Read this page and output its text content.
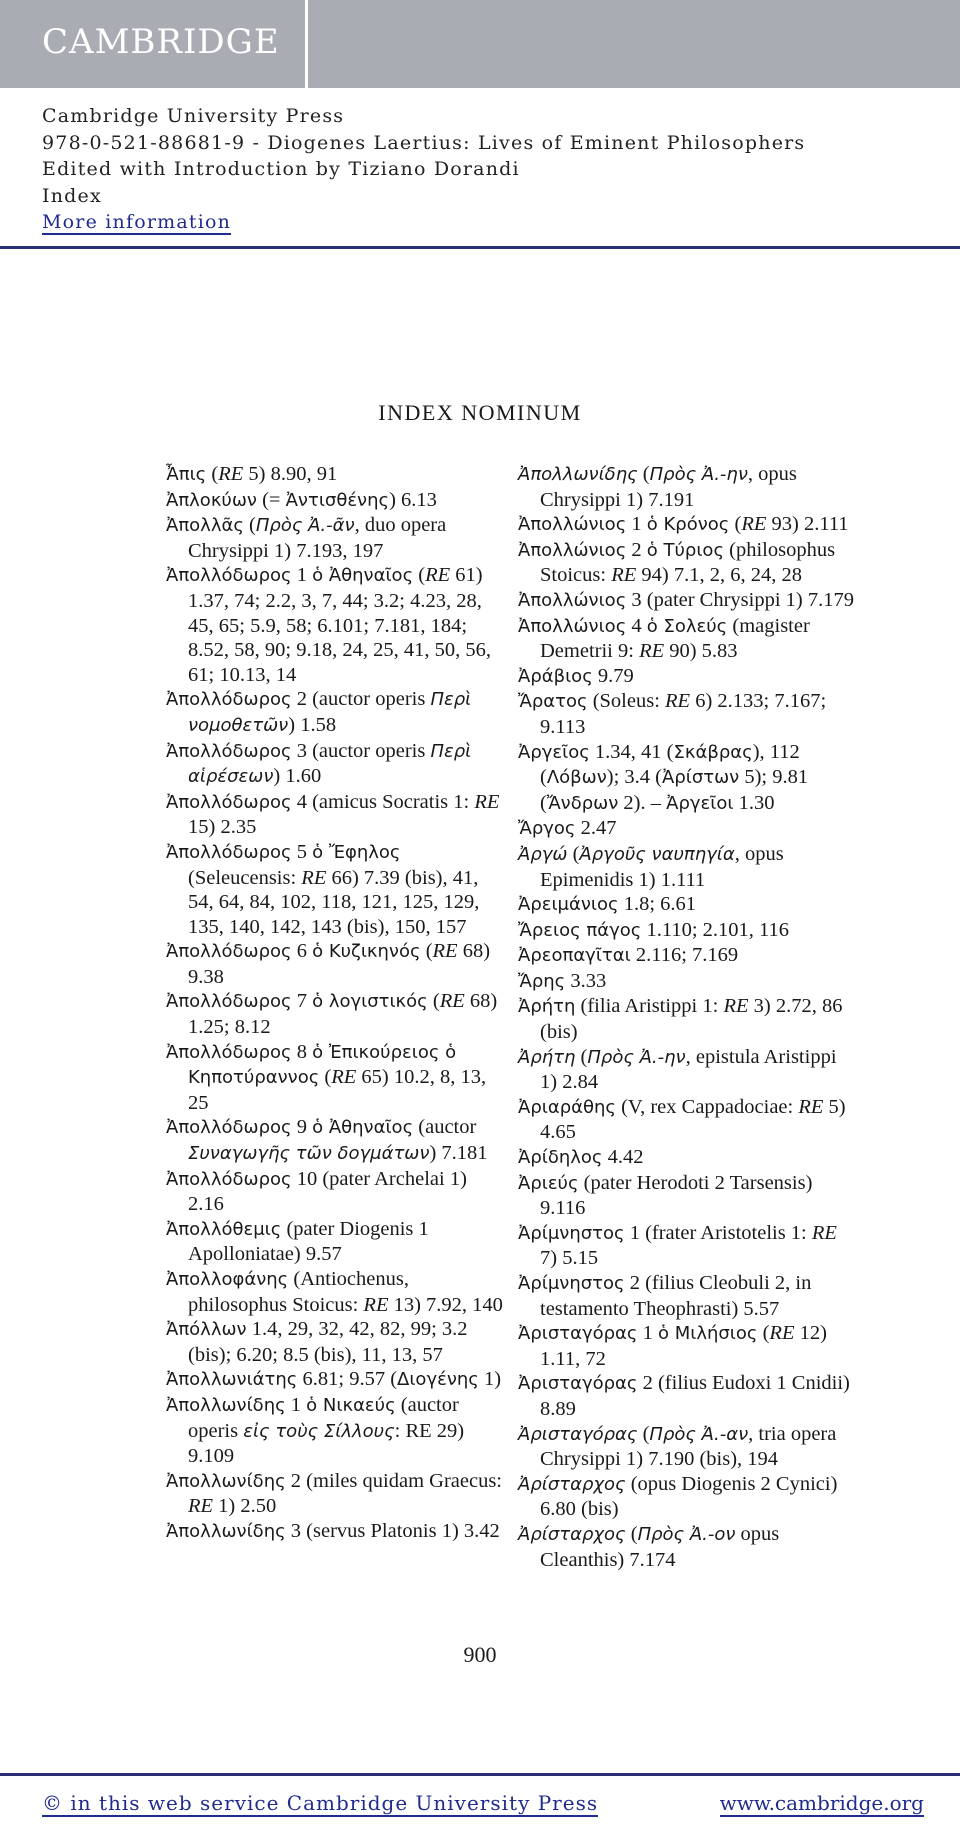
CAMBRIDGE
Cambridge University Press
978-0-521-88681-9 - Diogenes Laertius: Lives of Eminent Philosophers
Edited with Introduction by Tiziano Dorandi
Index
More information
INDEX NOMINUM

Ἆπις (RE 5) 8.90, 91

Ἀπλοκύων (= Ἀντισθένης) 6.13

Ἀπολλᾶς (Πρὸς Ἀ.-ᾶν, duo opera Chrysippi 1) 7.193, 197

Ἀπολλόδωρος 1 ὁ Ἀθηναῖος (RE 61) 1.37, 74; 2.2, 3, 7, 44; 3.2; 4.23, 28, 45, 65; 5.9, 58; 6.101; 7.181, 184; 8.52, 58, 90; 9.18, 24, 25, 41, 50, 56, 61; 10.13, 14

Ἀπολλόδωρος 2 (auctor operis Περὶ νομοθετῶν) 1.58

Ἀπολλόδωρος 3 (auctor operis Περὶ αἱρέσεων) 1.60

Ἀπολλόδωρος 4 (amicus Socratis 1: RE 15) 2.35

Ἀπολλόδωρος 5 ὁ Ἔφηλος (Seleucensis: RE 66) 7.39 (bis), 41, 54, 64, 84, 102, 118, 121, 125, 129, 135, 140, 142, 143 (bis), 150, 157

Ἀπολλόδωρος 6 ὁ Κυζικηνός (RE 68) 9.38

Ἀπολλόδωρος 7 ὁ λογιστικός (RE 68) 1.25; 8.12

Ἀπολλόδωρος 8 ὁ Ἐπικούρειος ὁ Κηποτύραννος (RE 65) 10.2, 8, 13, 25

Ἀπολλόδωρος 9 ὁ Ἀθηναῖος (auctor Συναγωγῆς τῶν δογμάτων) 7.181

Ἀπολλόδωρος 10 (pater Archelai 1) 2.16

Ἀπολλόθεμις (pater Diogenis 1 Apolloniatae) 9.57

Ἀπολλοφάνης (Antiochenus, philosophus Stoicus: RE 13) 7.92, 140

Ἀπόλλων 1.4, 29, 32, 42, 82, 99; 3.2 (bis); 6.20; 8.5 (bis), 11, 13, 57

Ἀπολλωνιάτης 6.81; 9.57 (Διογένης 1)

Ἀπολλωνίδης 1 ὁ Νικαεύς (auctor operis εἰς τοὺς Σίλλους: RE 29) 9.109

Ἀπολλωνίδης 2 (miles quidam Graecus: RE 1) 2.50

Ἀπολλωνίδης 3 (servus Platonis 1) 3.42

Ἀπολλωνίδης (Πρὸς Ἀ.-ην, opus Chrysippi 1) 7.191

Ἀπολλώνιος 1 ὁ Κρόνος (RE 93) 2.111

Ἀπολλώνιος 2 ὁ Τύριος (philosophus Stoicus: RE 94) 7.1, 2, 6, 24, 28

Ἀπολλώνιος 3 (pater Chrysippi 1) 7.179

Ἀπολλώνιος 4 ὁ Σολεύς (magister Demetrii 9: RE 90) 5.83

Ἀράβιος 9.79

Ἄρατος (Soleus: RE 6) 2.133; 7.167; 9.113

Ἀργεῖος 1.34, 41 (Σκάβρας), 112 (Λόβων); 3.4 (Ἀρίστων 5); 9.81 (Ἄνδρων 2). – Ἀργεῖοι 1.30

Ἄργος 2.47

Ἀργώ (Ἀργοῦς ναυπηγία, opus Epimenidis 1) 1.111

Ἀρειμάνιος 1.8; 6.61

Ἄρειος πάγος 1.110; 2.101, 116

Ἀρεοπαγῖται 2.116; 7.169

Ἄρης 3.33

Ἀρήτη (filia Aristippi 1: RE 3) 2.72, 86 (bis)

Ἀρήτη (Πρὸς Ἀ.-ην, epistula Aristippi 1) 2.84

Ἀριαράθης (V, rex Cappadociae: RE 5) 4.65

Ἀρίδηλος 4.42

Ἀριεύς (pater Herodoti 2 Tarsensis) 9.116

Ἀρίμνηστος 1 (frater Aristotelis 1: RE 7) 5.15

Ἀρίμνηστος 2 (filius Cleobuli 2, in testamento Theophrasti) 5.57

Ἀρισταγόρας 1 ὁ Μιλήσιος (RE 12) 1.11, 72

Ἀρισταγόρας 2 (filius Eudoxi 1 Cnidii) 8.89

Ἀρισταγόρας (Πρὸς Ἀ.-αν, tria opera Chrysippi 1) 7.190 (bis), 194

Ἀρίσταρχος (opus Diogenis 2 Cynici) 6.80 (bis)

Ἀρίσταρχος (Πρὸς Ἀ.-ον opus Cleanthis) 7.174

900
© in this web service Cambridge University Press	www.cambridge.org
